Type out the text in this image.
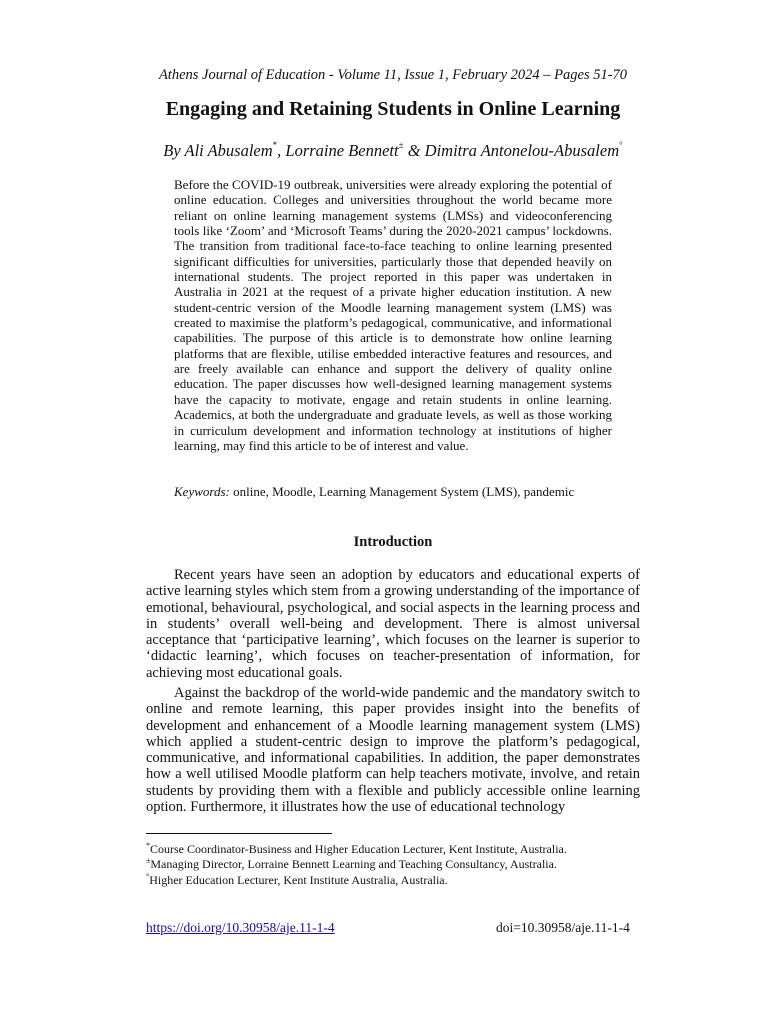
Athens Journal of Education - Volume 11, Issue 1, February 2024 – Pages 51-70
Engaging and Retaining Students in Online Learning
By Ali Abusalem*, Lorraine Bennett± & Dimitra Antonelou-Abusalem°

Before the COVID-19 outbreak, universities were already exploring the potential of online education. Colleges and universities throughout the world became more reliant on online learning management systems (LMSs) and videoconferencing tools like ‘Zoom’ and ‘Microsoft Teams’ during the 2020-2021 campus’ lockdowns. The transition from traditional face-to-face teaching to online learning presented significant difficulties for universities, particularly those that depended heavily on international students. The project reported in this paper was undertaken in Australia in 2021 at the request of a private higher education institution. A new student-centric version of the Moodle learning management system (LMS) was created to maximise the platform’s pedagogical, communicative, and informational capabilities. The purpose of this article is to demonstrate how online learning platforms that are flexible, utilise embedded interactive features and resources, and are freely available can enhance and support the delivery of quality online education. The paper discusses how well-designed learning management systems have the capacity to motivate, engage and retain students in online learning. Academics, at both the undergraduate and graduate levels, as well as those working in curriculum development and information technology at institutions of higher learning, may find this article to be of interest and value.

Keywords: online, Moodle, Learning Management System (LMS), pandemic

Introduction

Recent years have seen an adoption by educators and educational experts of active learning styles which stem from a growing understanding of the importance of emotional, behavioural, psychological, and social aspects in the learning process and in students’ overall well-being and development. There is almost universal acceptance that ‘participative learning’, which focuses on the learner is superior to ‘didactic learning’, which focuses on teacher-presentation of information, for achieving most educational goals.

Against the backdrop of the world-wide pandemic and the mandatory switch to online and remote learning, this paper provides insight into the benefits of development and enhancement of a Moodle learning management system (LMS) which applied a student-centric design to improve the platform’s pedagogical, communicative, and informational capabilities. In addition, the paper demonstrates how a well utilised Moodle platform can help teachers motivate, involve, and retain students by providing them with a flexible and publicly accessible online learning option. Furthermore, it illustrates how the use of educational technology

*Course Coordinator-Business and Higher Education Lecturer, Kent Institute, Australia.

±Managing Director, Lorraine Bennett Learning and Teaching Consultancy, Australia.

°Higher Education Lecturer, Kent Institute Australia, Australia.

https://doi.org/10.30958/aje.11-1-4	doi=10.30958/aje.11-1-4
